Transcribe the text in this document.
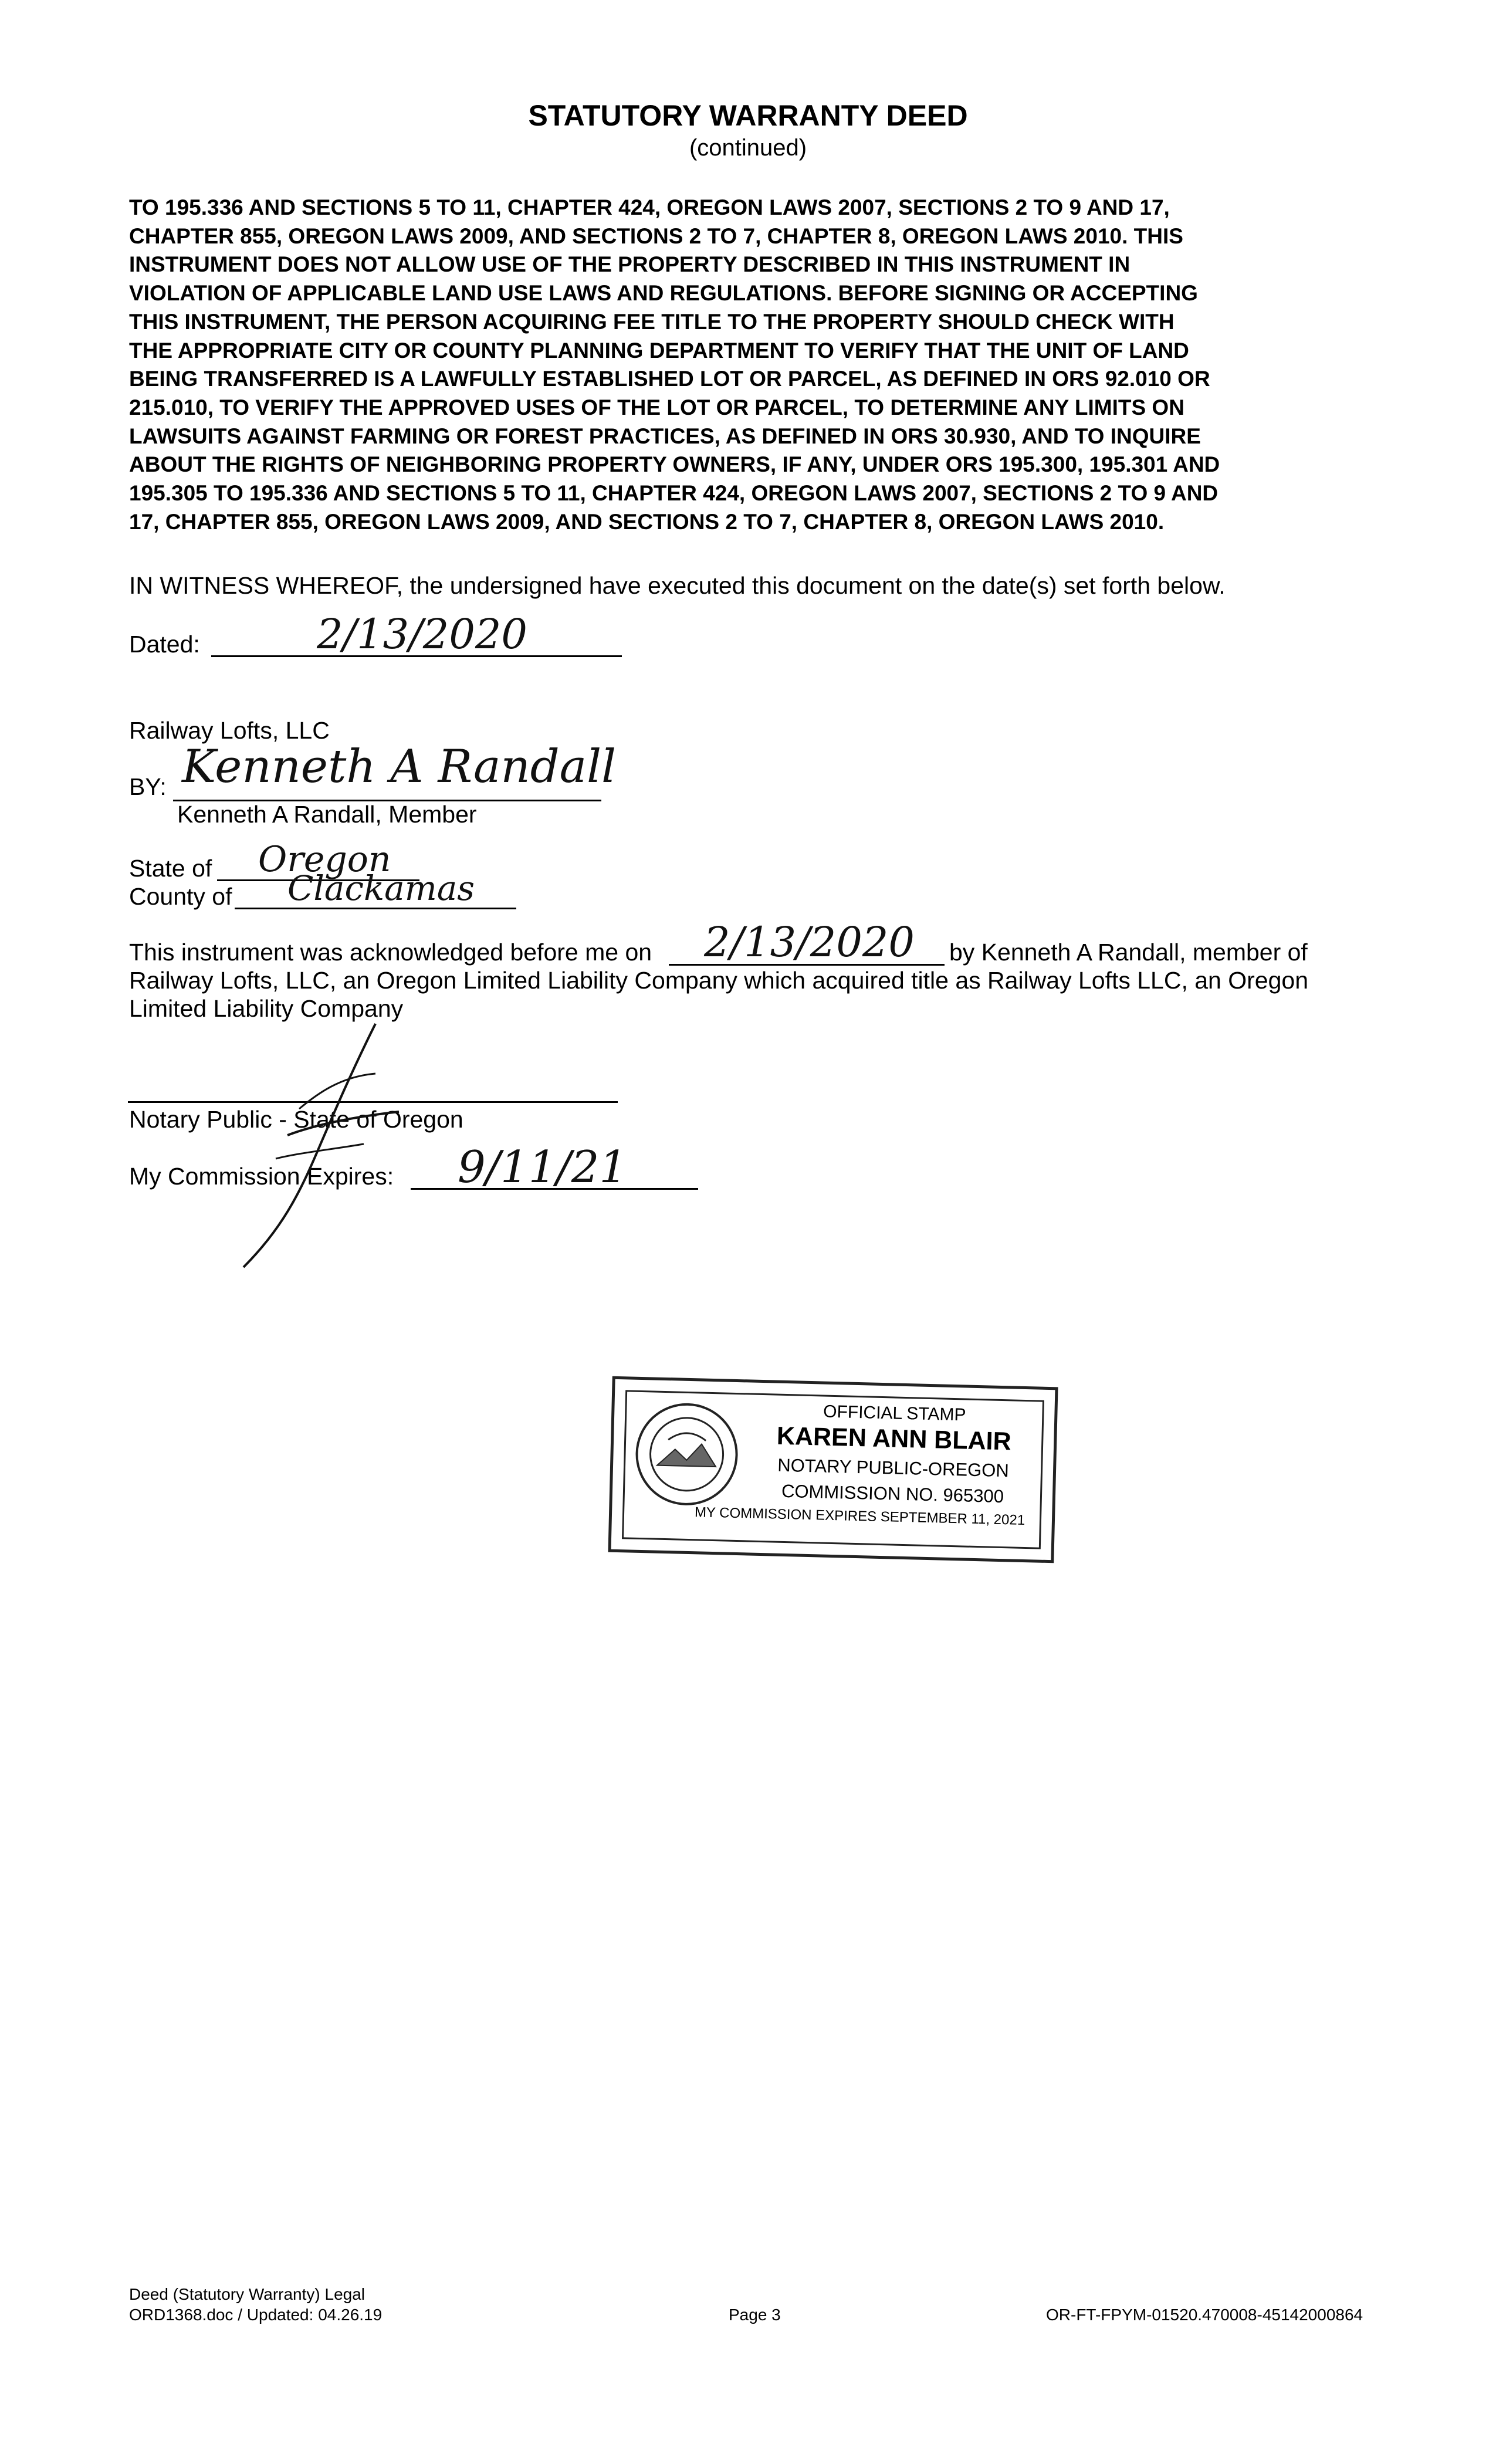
STATUTORY WARRANTY DEED
(continued)
TO 195.336 AND SECTIONS 5 TO 11, CHAPTER 424, OREGON LAWS 2007, SECTIONS 2 TO 9 AND 17,
CHAPTER 855, OREGON LAWS 2009, AND SECTIONS 2 TO 7, CHAPTER 8, OREGON LAWS 2010. THIS
INSTRUMENT DOES NOT ALLOW USE OF THE PROPERTY DESCRIBED IN THIS INSTRUMENT IN
VIOLATION OF APPLICABLE LAND USE LAWS AND REGULATIONS. BEFORE SIGNING OR ACCEPTING
THIS INSTRUMENT, THE PERSON ACQUIRING FEE TITLE TO THE PROPERTY SHOULD CHECK WITH
THE APPROPRIATE CITY OR COUNTY PLANNING DEPARTMENT TO VERIFY THAT THE UNIT OF LAND
BEING TRANSFERRED IS A LAWFULLY ESTABLISHED LOT OR PARCEL, AS DEFINED IN ORS 92.010 OR
215.010, TO VERIFY THE APPROVED USES OF THE LOT OR PARCEL, TO DETERMINE ANY LIMITS ON
LAWSUITS AGAINST FARMING OR FOREST PRACTICES, AS DEFINED IN ORS 30.930, AND TO INQUIRE
ABOUT THE RIGHTS OF NEIGHBORING PROPERTY OWNERS, IF ANY, UNDER ORS 195.300, 195.301 AND
195.305 TO 195.336 AND SECTIONS 5 TO 11, CHAPTER 424, OREGON LAWS 2007, SECTIONS 2 TO 9 AND
17, CHAPTER 855, OREGON LAWS 2009, AND SECTIONS 2 TO 7, CHAPTER 8, OREGON LAWS 2010.
IN WITNESS WHEREOF, the undersigned have executed this document on the date(s) set forth below.
Dated:	2/13/2020
Railway Lofts, LLC
BY: Kenneth A Randall
Kenneth A Randall, Member
State of Oregon
County of Clackamas
This instrument was acknowledged before me on 2/13/2020 by Kenneth A Randall, member of
Railway Lofts, LLC, an Oregon Limited Liability Company which acquired title as Railway Lofts LLC, an Oregon
Limited Liability Company
Notary Public - State of Oregon
My Commission Expires: 9/11/21
OFFICIAL STAMP
KAREN ANN BLAIR
NOTARY PUBLIC-OREGON
COMMISSION NO. 965300
MY COMMISSION EXPIRES SEPTEMBER 11, 2021
Deed (Statutory Warranty) Legal
ORD1368.doc / Updated: 04.26.19	Page 3	OR-FT-FPYM-01520.470008-45142000864
